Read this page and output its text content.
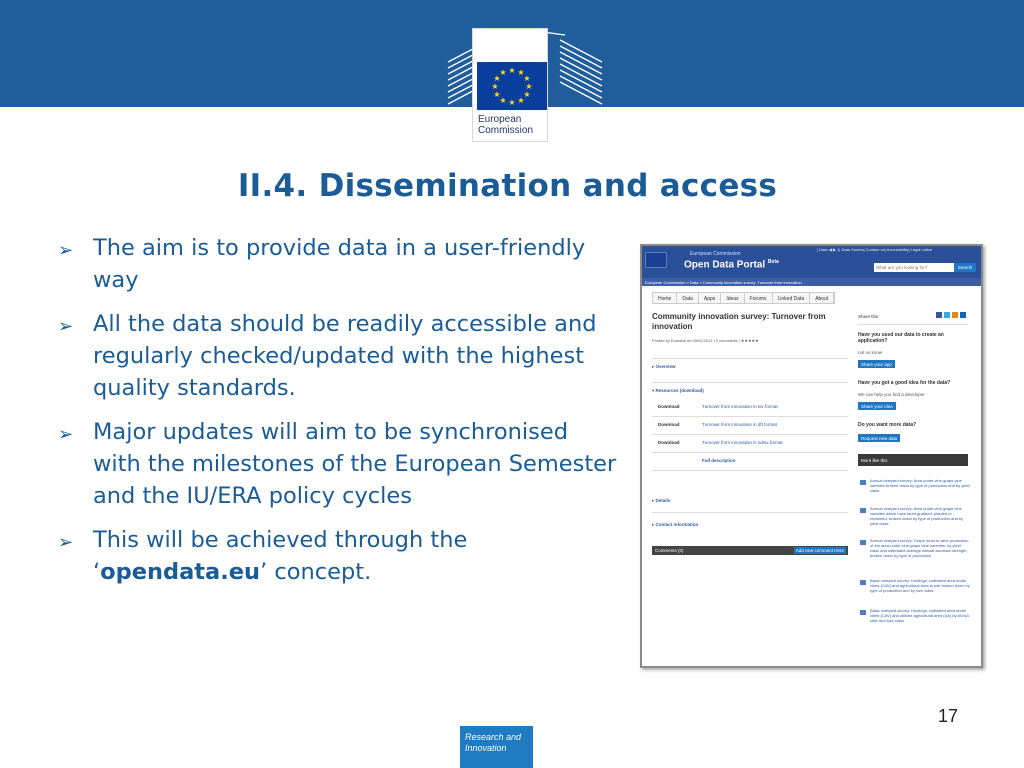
★ ★
★
★
★
★
★
★
★
★
★
★
European
Commission
II.4. Dissemination and access
➢ The aim is to provide data in a user-friendly way
➢ All the data should be readily accessible and regularly checked/updated with the highest quality standards.
➢ Major updates will aim to be synchronised with the milestones of the European Semester and the IU/ERA policy cycles
➢ This will be achieved through the ‘opendata.eu’ concept.
European Commission
Open Data Portal $^{Beta}$
| Data ◀ ▶ 1| Data Stories| Contact us| Accessibility| Legal notice
What are you looking for?	Search
European Commission » Data » Community innovation survey: Turnover from innovation
Home	Data	Apps	Ideas	Forums	Linked Data	About
Community innovation survey: Turnover from innovation
Posted by Eurostat on 09/01/2012 | 0 comments | ★★★★★
▸ Overview
▾ Resources (download)
Download	Turnover from innovation in tsv format
Download	Turnover from innovation in dft format
Download	Turnover from innovation in sdmx format
Full description
▸ Details
▸ Contact information
Comments (0)	Add new comment Here
Share this
Have you used our data to create an application?
Let us know
Share your app
Have you got a good idea for the data?
We can help you find a developer
Share your idea
Do you want more data?
Request new data
More like this
Annual vineyard survey: Area under vine-grape vine varieties broken down by type of production and by yield class
Annual vineyard survey: Area under vine-grape vine varieties which have been grubbed, planted or replanted, broken down by type of production and by yield class
Annual vineyard survey: Grape must or wine production of the area under vine-grape vine varieties, by yield class and estimated average natural alcoholic strength, broken down by type of production
Basic vineyard survey: Holdings, cultivated area under vines (CAV) and agricultural area in use broken down by type of production and by size class
Basic vineyard survey: Holdings, cultivated area under vines (CAV) and utilised agricultural area (AA) by AV/AA ratio and size class
17
Research and
Innovation
